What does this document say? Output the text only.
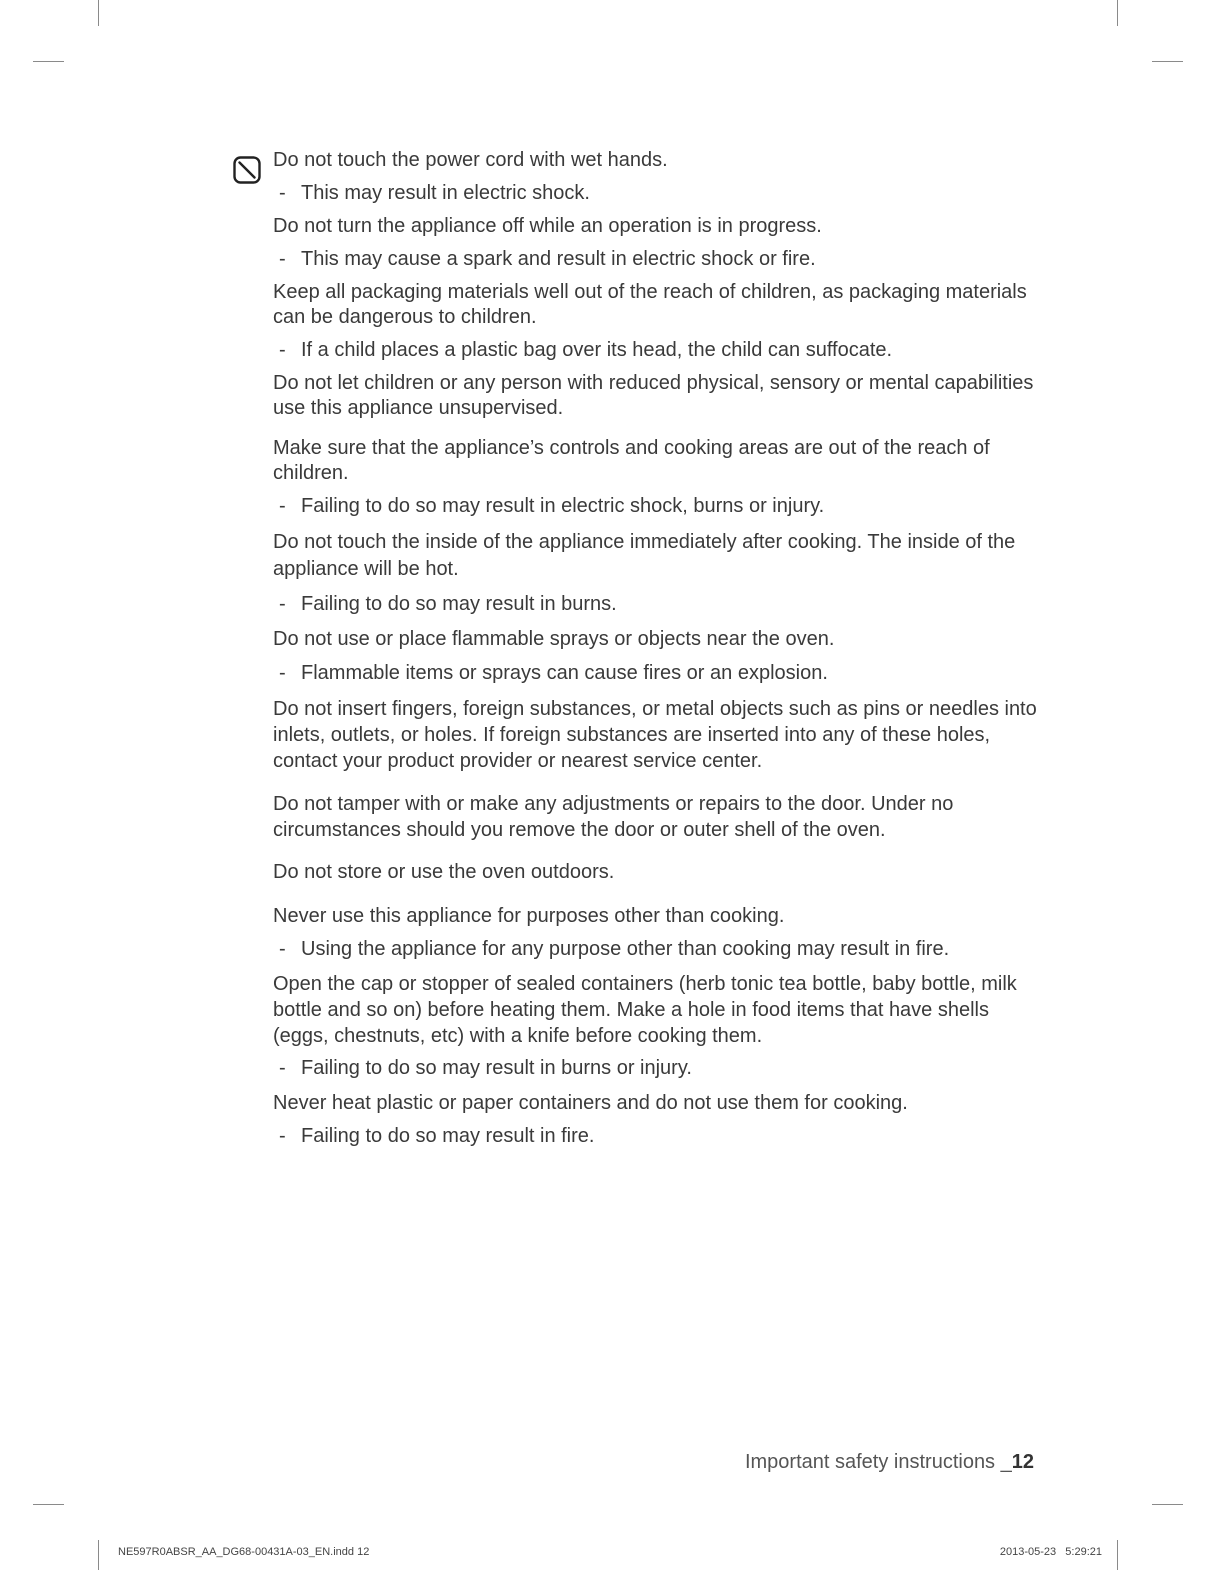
Do not touch the power cord with wet hands.

- This may result in electric shock.

Do not turn the appliance off while an operation is in progress.

- This may cause a spark and result in electric shock or fire.

Keep all packaging materials well out of the reach of children, as packaging materials can be dangerous to children.

- If a child places a plastic bag over its head, the child can suffocate.

Do not let children or any person with reduced physical, sensory or mental capabilities use this appliance unsupervised.

Make sure that the appliance’s controls and cooking areas are out of the reach of children.

- Failing to do so may result in electric shock, burns or injury.

Do not touch the inside of the appliance immediately after cooking. The inside of the appliance will be hot.

- Failing to do so may result in burns.

Do not use or place flammable sprays or objects near the oven.

- Flammable items or sprays can cause fires or an explosion.

Do not insert fingers, foreign substances, or metal objects such as pins or needles into inlets, outlets, or holes. If foreign substances are inserted into any of these holes, contact your product provider or nearest service center.

Do not tamper with or make any adjustments or repairs to the door. Under no circumstances should you remove the door or outer shell of the oven.

Do not store or use the oven outdoors.

Never use this appliance for purposes other than cooking.

- Using the appliance for any purpose other than cooking may result in fire.

Open the cap or stopper of sealed containers (herb tonic tea bottle, baby bottle, milk bottle and so on) before heating them. Make a hole in food items that have shells (eggs, chestnuts, etc) with a knife before cooking them.

- Failing to do so may result in burns or injury.

Never heat plastic or paper containers and do not use them for cooking.

- Failing to do so may result in fire.

Important safety instructions _12
NE597R0ABSR_AA_DG68-00431A-03_EN.indd 12	2013-05-23   5:29:21
